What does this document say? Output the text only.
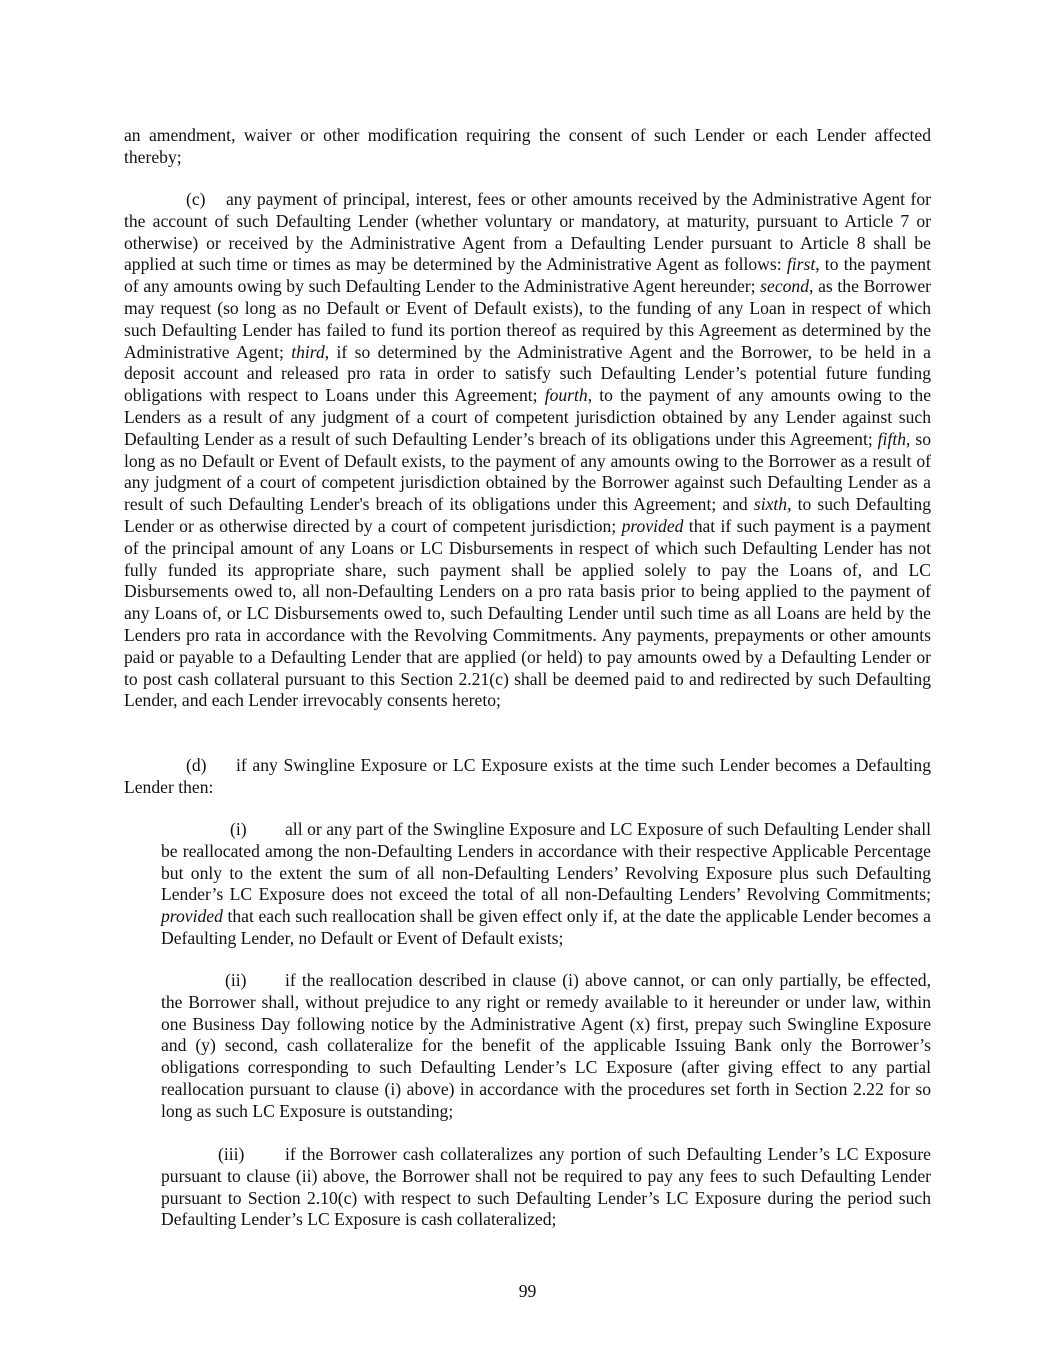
an amendment, waiver or other modification requiring the consent of such Lender or each Lender affected thereby;

(c) any payment of principal, interest, fees or other amounts received by the Administrative Agent for the account of such Defaulting Lender (whether voluntary or mandatory, at maturity, pursuant to Article 7 or otherwise) or received by the Administrative Agent from a Defaulting Lender pursuant to Article 8 shall be applied at such time or times as may be determined by the Administrative Agent as follows: first, to the payment of any amounts owing by such Defaulting Lender to the Administrative Agent hereunder; second, as the Borrower may request (so long as no Default or Event of Default exists), to the funding of any Loan in respect of which such Defaulting Lender has failed to fund its portion thereof as required by this Agreement as determined by the Administrative Agent; third, if so determined by the Administrative Agent and the Borrower, to be held in a deposit account and released pro rata in order to satisfy such Defaulting Lender’s potential future funding obligations with respect to Loans under this Agreement; fourth, to the payment of any amounts owing to the Lenders as a result of any judgment of a court of competent jurisdiction obtained by any Lender against such Defaulting Lender as a result of such Defaulting Lender’s breach of its obligations under this Agreement; fifth, so long as no Default or Event of Default exists, to the payment of any amounts owing to the Borrower as a result of any judgment of a court of competent jurisdiction obtained by the Borrower against such Defaulting Lender as a result of such Defaulting Lender's breach of its obligations under this Agreement; and sixth, to such Defaulting Lender or as otherwise directed by a court of competent jurisdiction; provided that if such payment is a payment of the principal amount of any Loans or LC Disbursements in respect of which such Defaulting Lender has not fully funded its appropriate share, such payment shall be applied solely to pay the Loans of, and LC Disbursements owed to, all non-Defaulting Lenders on a pro rata basis prior to being applied to the payment of any Loans of, or LC Disbursements owed to, such Defaulting Lender until such time as all Loans are held by the Lenders pro rata in accordance with the Revolving Commitments. Any payments, prepayments or other amounts paid or payable to a Defaulting Lender that are applied (or held) to pay amounts owed by a Defaulting Lender or to post cash collateral pursuant to this Section 2.21(c) shall be deemed paid to and redirected by such Defaulting Lender, and each Lender irrevocably consents hereto;

(d) if any Swingline Exposure or LC Exposure exists at the time such Lender becomes a Defaulting Lender then:

(i) all or any part of the Swingline Exposure and LC Exposure of such Defaulting Lender shall be reallocated among the non-Defaulting Lenders in accordance with their respective Applicable Percentage but only to the extent the sum of all non-Defaulting Lenders’ Revolving Exposure plus such Defaulting Lender’s LC Exposure does not exceed the total of all non-Defaulting Lenders’ Revolving Commitments; provided that each such reallocation shall be given effect only if, at the date the applicable Lender becomes a Defaulting Lender, no Default or Event of Default exists;

(ii) if the reallocation described in clause (i) above cannot, or can only partially, be effected, the Borrower shall, without prejudice to any right or remedy available to it hereunder or under law, within one Business Day following notice by the Administrative Agent (x) first, prepay such Swingline Exposure and (y) second, cash collateralize for the benefit of the applicable Issuing Bank only the Borrower’s obligations corresponding to such Defaulting Lender’s LC Exposure (after giving effect to any partial reallocation pursuant to clause (i) above) in accordance with the procedures set forth in Section 2.22 for so long as such LC Exposure is outstanding;

(iii) if the Borrower cash collateralizes any portion of such Defaulting Lender’s LC Exposure pursuant to clause (ii) above, the Borrower shall not be required to pay any fees to such Defaulting Lender pursuant to Section 2.10(c) with respect to such Defaulting Lender’s LC Exposure during the period such Defaulting Lender’s LC Exposure is cash collateralized;

99
